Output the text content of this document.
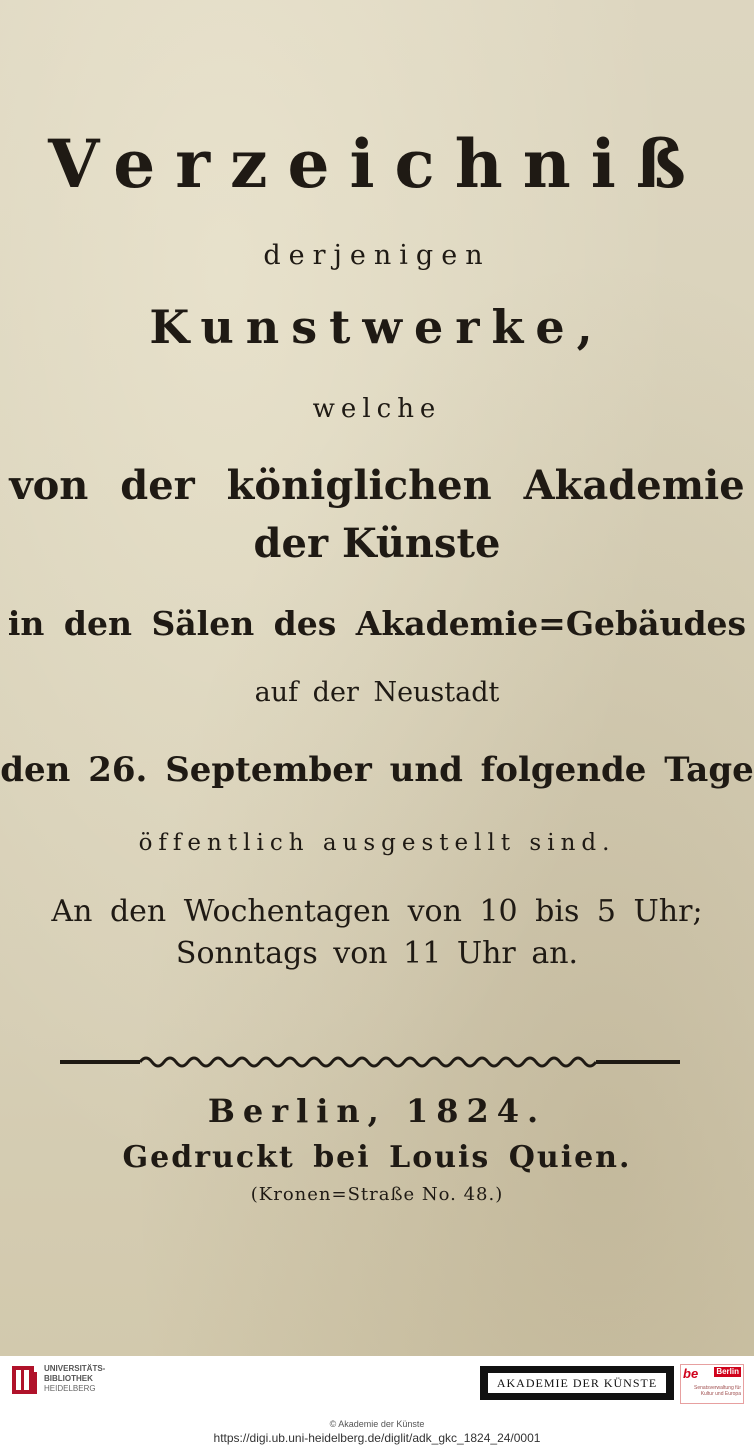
Verzeichniß
derjenigen
Kunstwerke,
welche
von der königlichen Akademie
der Künste
in den Sälen des Akademie=Gebäudes
auf der Neustadt
den 26. September und folgende Tage
öffentlich ausgestellt sind.
An den Wochentagen von 10 bis 5 Uhr;
Sonntags von 11 Uhr an.
Berlin, 1824.
Gedruckt bei Louis Quien.
(Kronen=Straße No. 48.)
UNIVERSITÄTS-
BIBLIOTHEK
HEIDELBERG	AKADEMIE DER KÜNSTE
be Berlin
Senatsverwaltung für Kultur und Europa
© Akademie der Künste
https://digi.ub.uni-heidelberg.de/diglit/adk_gkc_1824_24/0001
